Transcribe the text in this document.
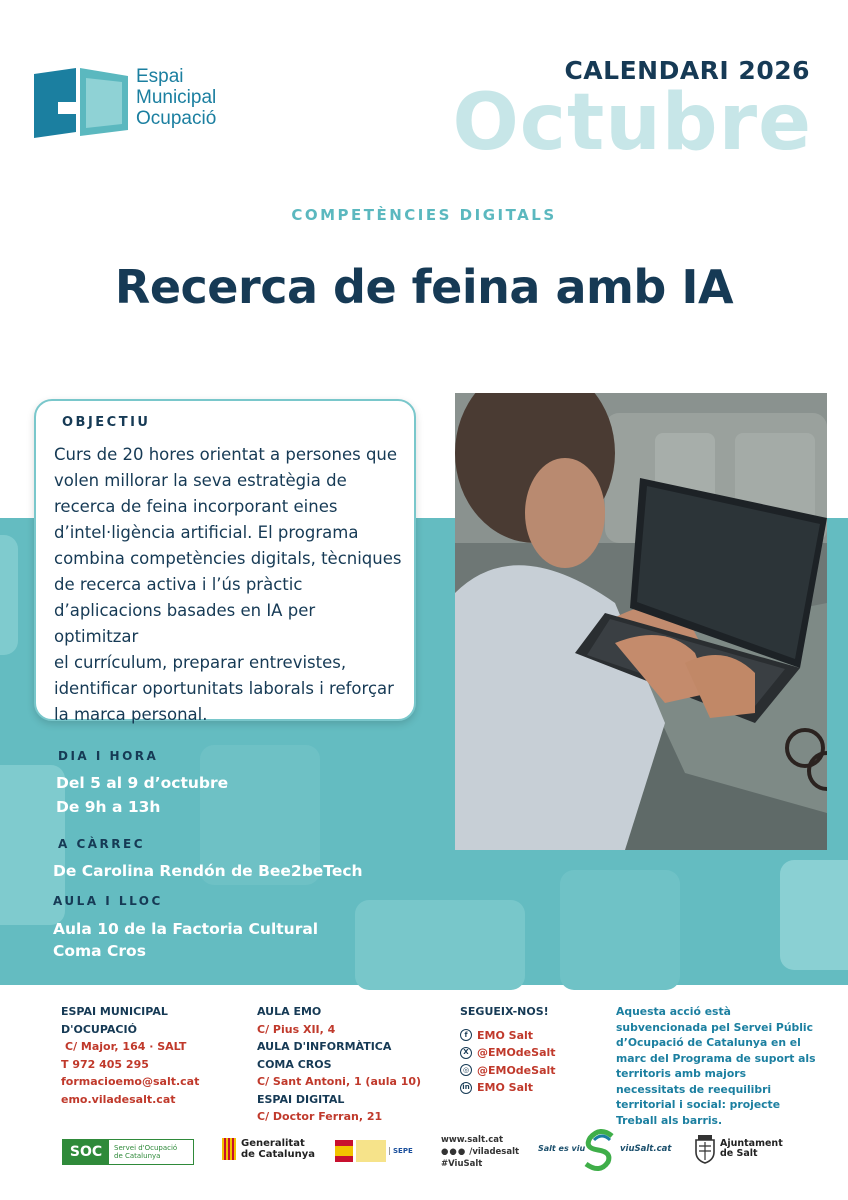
Espai
Municipal
Ocupació
CALENDARI 2026
Octubre
COMPETÈNCIES DIGITALS
Recerca de feina amb IA
OBJECTIU
Curs de 20 hores orientat a persones que
volen millorar la seva estratègia de
recerca de feina incorporant eines
d’intel·ligència artificial. El programa
combina competències digitals, tècniques
de recerca activa i l’ús pràctic
d’aplicacions basades en IA per optimitzar
el currículum, preparar entrevistes,
identificar oportunitats laborals i reforçar
la marca personal.
DIA I HORA
Del 5 al 9 d’octubre
De 9h a 13h
A CÀRREC
De Carolina Rendón de Bee2beTech
AULA I LLOC
Aula 10 de la Factoria Cultural
Coma Cros
ESPAI MUNICIPAL
D'OCUPACIÓ
C/ Major, 164 · SALT
T 972 405 295
formacioemo@salt.cat
emo.viladesalt.cat
AULA EMO
C/ Pius XII, 4
AULA D'INFORMÀTICA
COMA CROS
C/ Sant Antoni, 1 (aula 10)
ESPAI DIGITAL
C/ Doctor Ferran, 21
SEGUEIX-NOS!
f EMO Salt
X @EMOdeSalt
◎ @EMOdeSalt
in EMO Salt
Aquesta acció està subvencionada pel Servei Públic d’Ocupació de Catalunya en el marc del Programa de suport als territoris amb majors necessitats de reequilibri territorial i social: projecte Treball als barris.
SOC	Servei d'Ocupació
de Catalunya
Generalitat
de Catalunya	SEPE
www.salt.cat
●●● /viladesalt
#ViuSalt
Salt es viu	viuSalt.cat	Ajuntament
de Salt
